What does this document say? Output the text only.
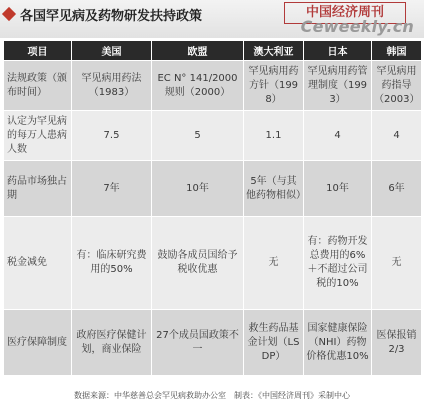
各国罕见病及药物研发扶持政策	中国经济周刊
Ceweekly.cn
项目	美国	欧盟	澳大利亚	日本	韩国
法规政策（颁布时间）	罕见病用药法（1983）	EC N° 141/2000规则（2000）	罕见病用药方针（1998）	罕见病用药管理制度（1993）	罕见病用药指导（2003）
认定为罕见病的每万人患病人数	7.5	5	1.1	4	4
药品市场独占期	7年	10年	5年（与其他药物相似）	10年	6年
税金减免	有：临床研究费用的50%	鼓励各成员国给予税收优惠	无	有：药物开发总费用的6%＋不超过公司税的10%	无
医疗保障制度	政府医疗保健计划，商业保险	27个成员国政策不一	救生药品基金计划（LSDP）	国家健康保险（NHI）药物价格优惠10%	医保报销2/3
数据来源：中华慈善总会罕见病救助办公室　制表：《中国经济周刊》采制中心
